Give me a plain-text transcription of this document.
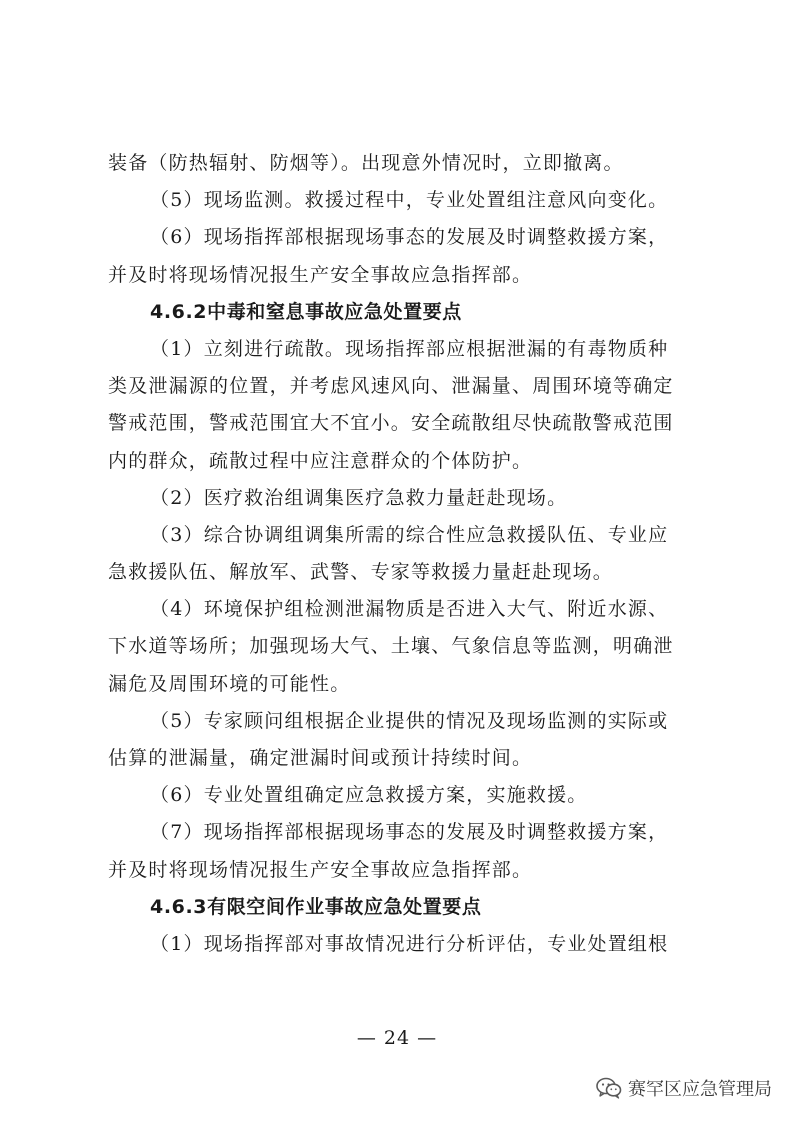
装备（防热辐射、防烟等）。出现意外情况时，立即撤离。
（5）现场监测。救援过程中，专业处置组注意风向变化。
（6）现场指挥部根据现场事态的发展及时调整救援方案，
并及时将现场情况报生产安全事故应急指挥部。
4.6.2中毒和窒息事故应急处置要点
（1）立刻进行疏散。现场指挥部应根据泄漏的有毒物质种
类及泄漏源的位置，并考虑风速风向、泄漏量、周围环境等确定
警戒范围，警戒范围宜大不宜小。安全疏散组尽快疏散警戒范围
内的群众，疏散过程中应注意群众的个体防护。
（2）医疗救治组调集医疗急救力量赶赴现场。
（3）综合协调组调集所需的综合性应急救援队伍、专业应
急救援队伍、解放军、武警、专家等救援力量赶赴现场。
（4）环境保护组检测泄漏物质是否进入大气、附近水源、
下水道等场所；加强现场大气、土壤、气象信息等监测，明确泄
漏危及周围环境的可能性。
（5）专家顾问组根据企业提供的情况及现场监测的实际或
估算的泄漏量，确定泄漏时间或预计持续时间。
（6）专业处置组确定应急救援方案，实施救援。
（7）现场指挥部根据现场事态的发展及时调整救援方案，
并及时将现场情况报生产安全事故应急指挥部。
4.6.3有限空间作业事故应急处置要点
（1）现场指挥部对事故情况进行分析评估，专业处置组根
— 24 —
赛罕区应急管理局
